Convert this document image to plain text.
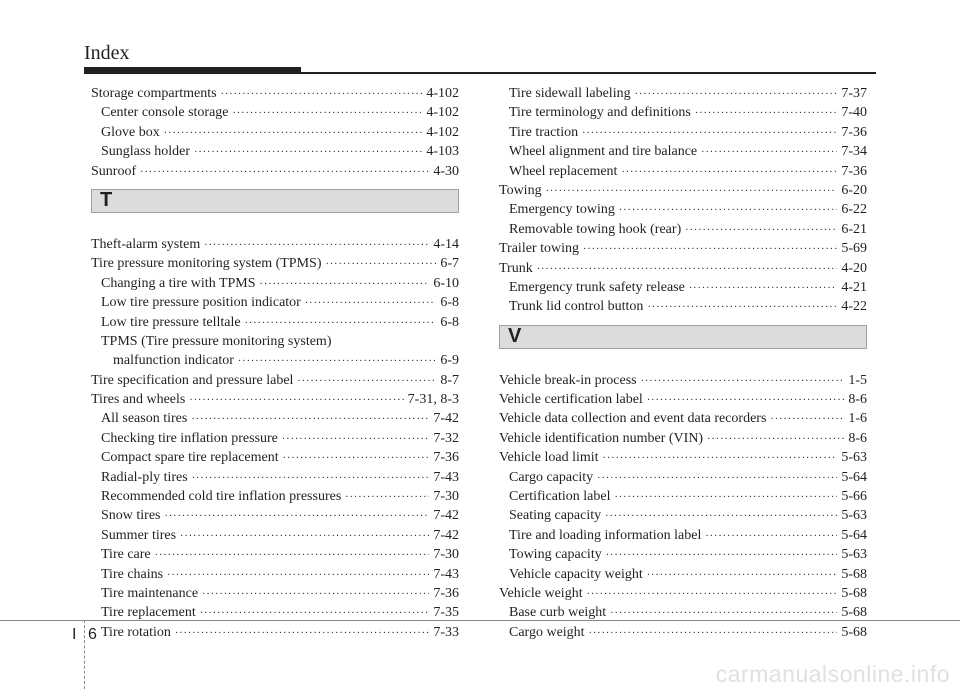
Index
Storage compartments ·····	4-102
Center console storage ·····	4-102
Glove box ·····	4-102
Sunglass holder ·····	4-103
Sunroof ·····	4-30
T
Theft-alarm system ·····	4-14
Tire pressure monitoring system (TPMS) ·····	6-7
Changing a tire with TPMS ·····	6-10
Low tire pressure position indicator ·····	6-8
Low tire pressure telltale ·····	6-8
TPMS (Tire pressure monitoring system)
malfunction indicator ·····	6-9
Tire specification and pressure label ·····	8-7
Tires and wheels ·····	7-31, 8-3
All season tires ·····	7-42
Checking tire inflation pressure ·····	7-32
Compact spare tire replacement ·····	7-36
Radial-ply tires ·····	7-43
Recommended cold tire inflation pressures ·····	7-30
Snow tires ·····	7-42
Summer tires ·····	7-42
Tire care ·····	7-30
Tire chains ·····	7-43
Tire maintenance ·····	7-36
Tire replacement ·····	7-35
Tire rotation ·····	7-33
Tire sidewall labeling ·····	7-37
Tire terminology and definitions ·····	7-40
Tire traction ·····	7-36
Wheel alignment and tire balance ·····	7-34
Wheel replacement ·····	7-36
Towing ·····	6-20
Emergency towing ·····	6-22
Removable towing hook (rear) ·····	6-21
Trailer towing ·····	5-69
Trunk ·····	4-20
Emergency trunk safety release ·····	4-21
Trunk lid control button ·····	4-22
V
Vehicle break-in process ·····	1-5
Vehicle certification label ·····	8-6
Vehicle data collection and event data recorders ·····	1-6
Vehicle identification number (VIN) ·····	8-6
Vehicle load limit ·····	5-63
Cargo capacity ·····	5-64
Certification label ·····	5-66
Seating capacity ·····	5-63
Tire and loading information label ·····	5-64
Towing capacity ·····	5-63
Vehicle capacity weight ·····	5-68
Vehicle weight ·····	5-68
Base curb weight ·····	5-68
Cargo weight ·····	5-68
I 6
carmanualsonline.info
